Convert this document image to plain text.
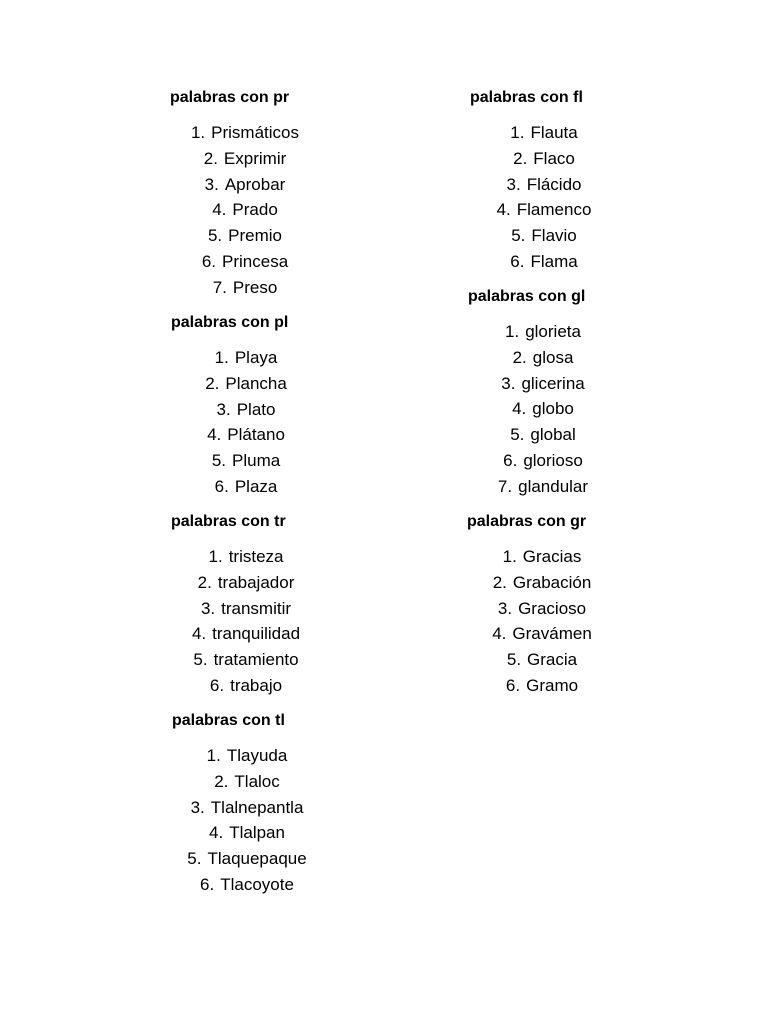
palabras con pr
1. Prismáticos
2. Exprimir
3. Aprobar
4. Prado
5. Premio
6. Princesa
7. Preso
palabras con pl
1. Playa
2. Plancha
3. Plato
4. Plátano
5. Pluma
6. Plaza
palabras con tr
1. tristeza
2. trabajador
3. transmitir
4. tranquilidad
5. tratamiento
6. trabajo
palabras con tl
1. Tlayuda
2. Tlaloc
3. Tlalnepantla
4. Tlalpan
5. Tlaquepaque
6. Tlacoyote
palabras con fl
1. Flauta
2. Flaco
3. Flácido
4. Flamenco
5. Flavio
6. Flama
palabras con gl
1. glorieta
2. glosa
3. glicerina
4. globo
5. global
6. glorioso
7. glandular
palabras con gr
1. Gracias
2. Grabación
3. Gracioso
4. Gravámen
5. Gracia
6. Gramo
